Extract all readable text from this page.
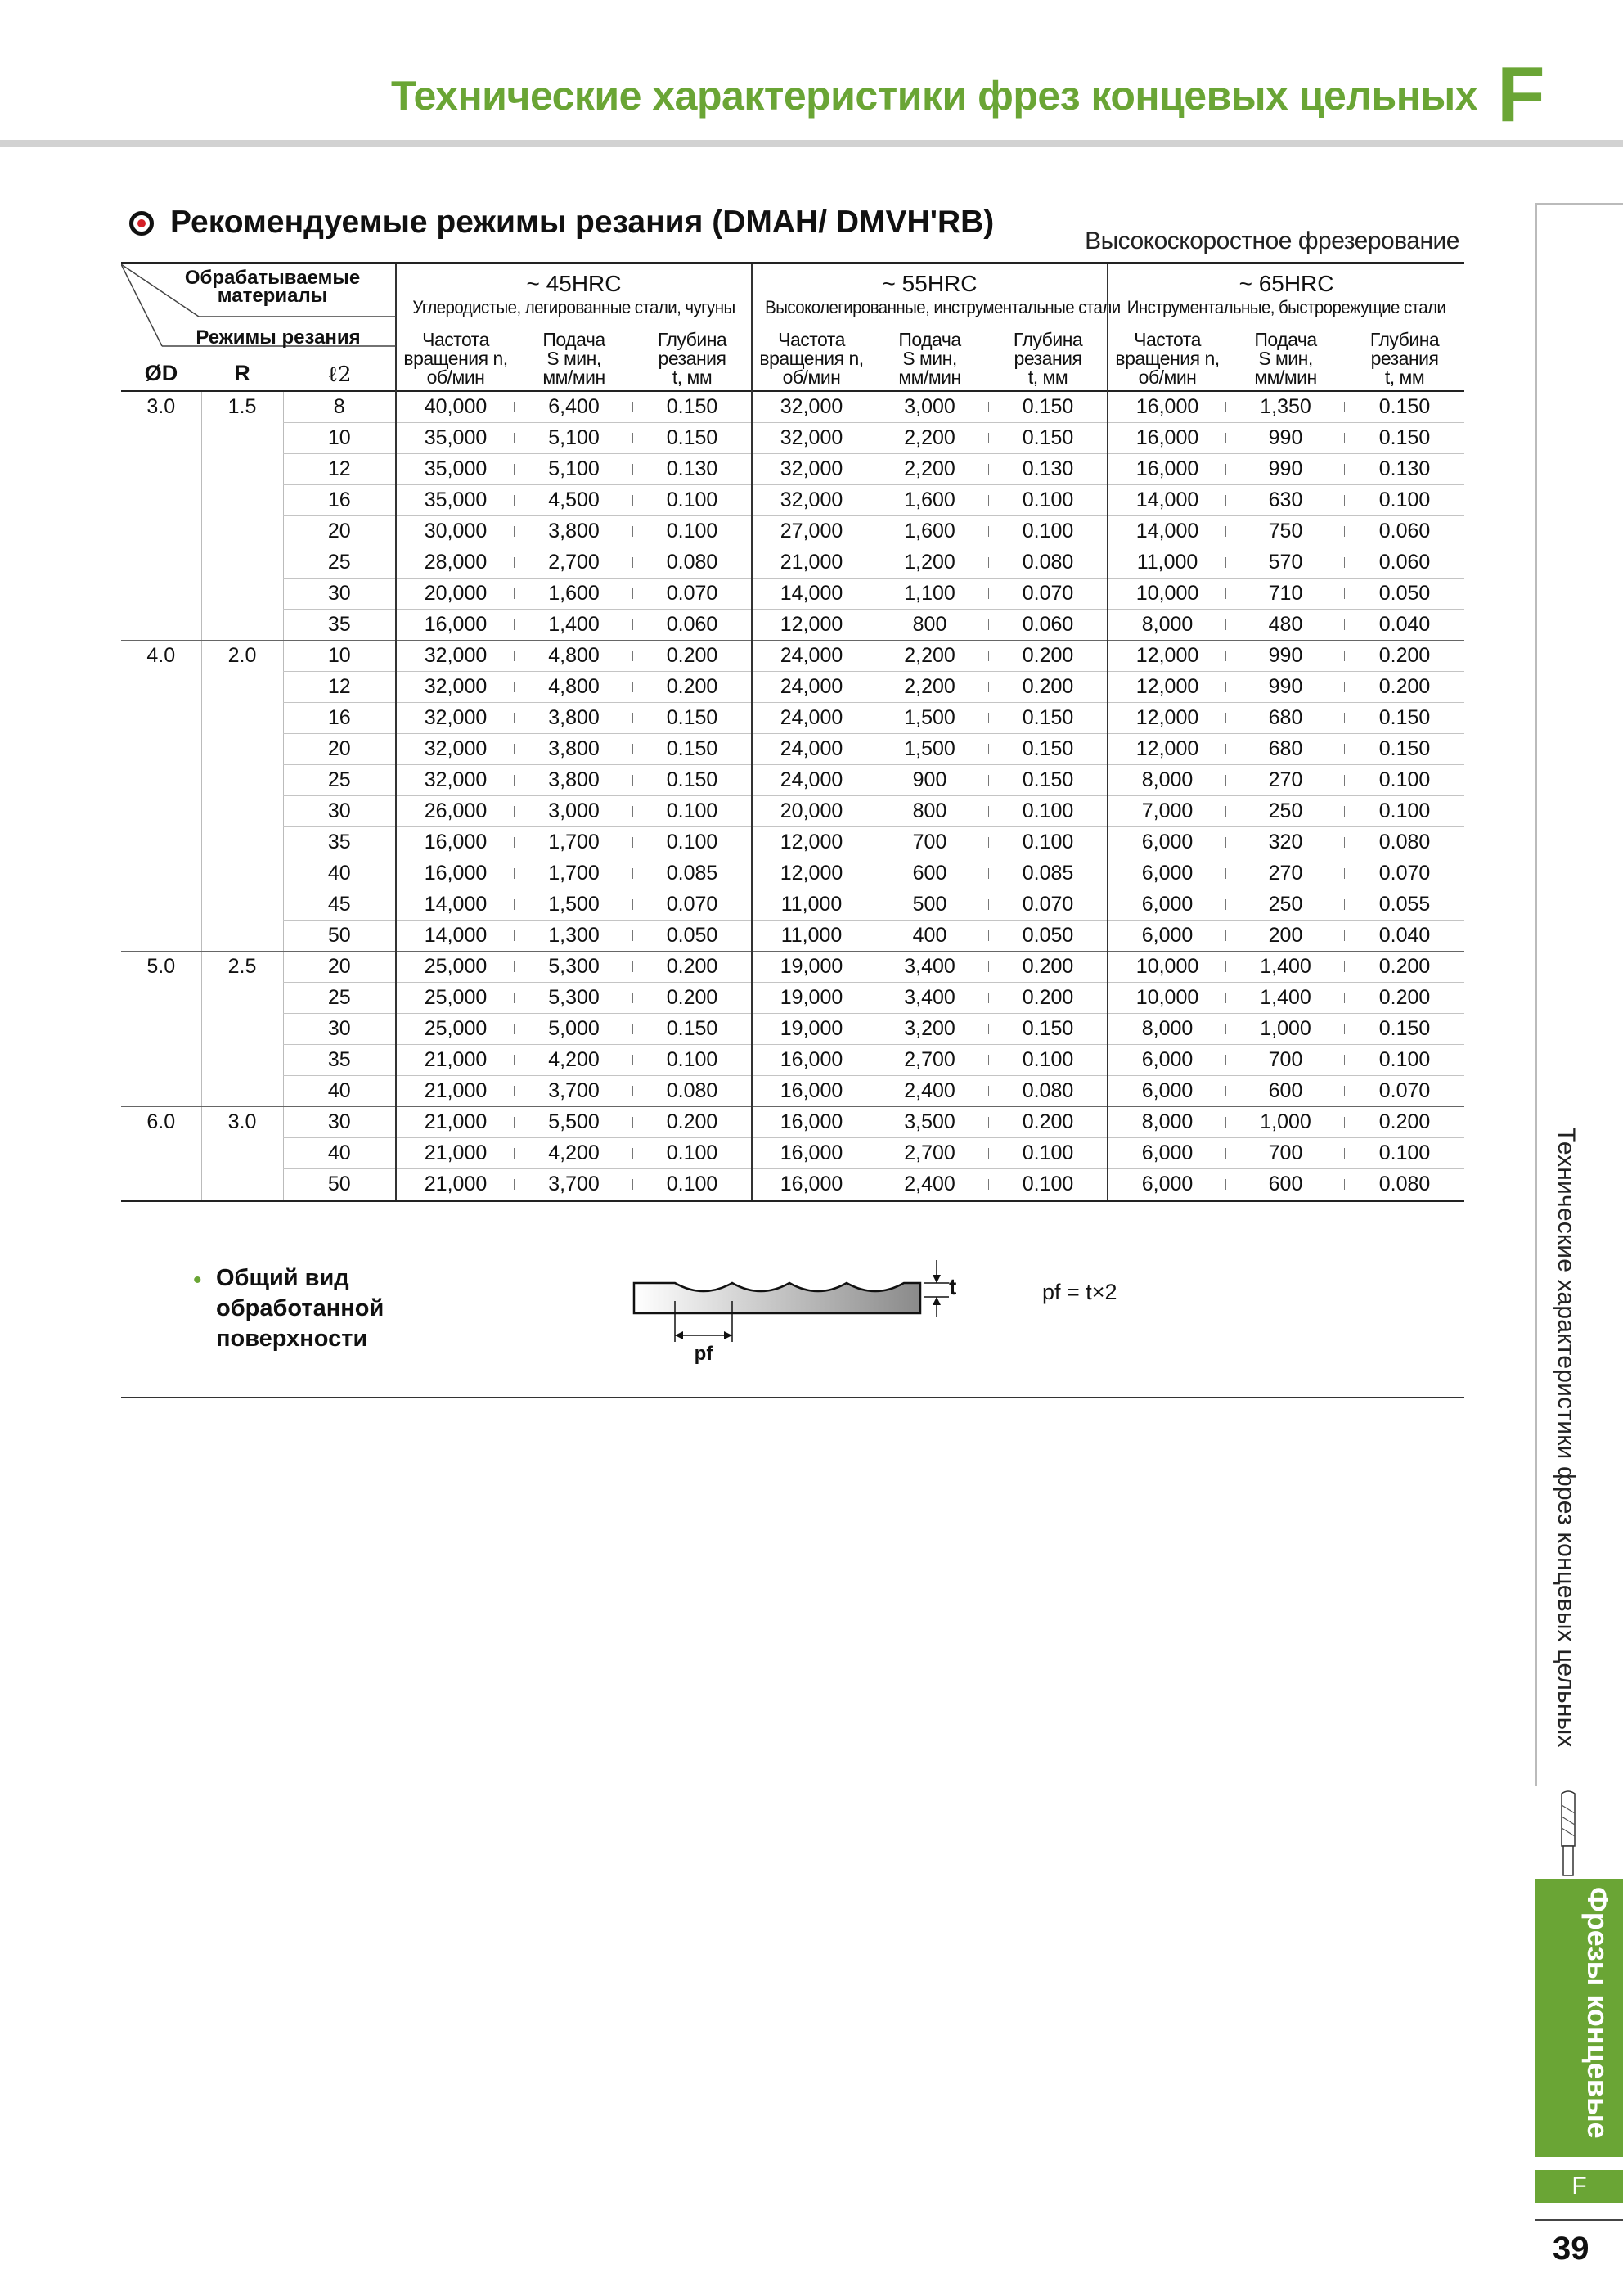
Технические характеристики фрез концевых цельных F
Рекомендуемые режимы резания (DMAH/ DMVH'RB)
Высокоскоростное фрезерование
Обрабатываемые материалы
Режимы резания
ØD R ℓ2			~ 45HRC			~ 55HRC			~ 65HRC		

			Углеродистые, легированные стали, чугуны			Высоколегированные, инструментальные стали			Инструментальные, быстрорежущие стали		

			Частота
вращения n,
об/мин	Подача
S мин,
мм/мин	Глубина
резания
t, мм	Частота
вращения n,
об/мин	Подача
S мин,
мм/мин	Глубина
резания
t, мм	Частота
вращения n,
об/мин	Подача
S мин,
мм/мин	Глубина
резания
t, мм

3.0	1.5	8	40,000	6,400	0.150	32,000	3,000	0.150	16,000	1,350	0.150
		10	35,000	5,100	0.150	32,000	2,200	0.150	16,000	990	0.150
		12	35,000	5,100	0.130	32,000	2,200	0.130	16,000	990	0.130
		16	35,000	4,500	0.100	32,000	1,600	0.100	14,000	630	0.100
		20	30,000	3,800	0.100	27,000	1,600	0.100	14,000	750	0.060
		25	28,000	2,700	0.080	21,000	1,200	0.080	11,000	570	0.060
		30	20,000	1,600	0.070	14,000	1,100	0.070	10,000	710	0.050
		35	16,000	1,400	0.060	12,000	800	0.060	8,000	480	0.040
4.0	2.0	10	32,000	4,800	0.200	24,000	2,200	0.200	12,000	990	0.200
		12	32,000	4,800	0.200	24,000	2,200	0.200	12,000	990	0.200
		16	32,000	3,800	0.150	24,000	1,500	0.150	12,000	680	0.150
		20	32,000	3,800	0.150	24,000	1,500	0.150	12,000	680	0.150
		25	32,000	3,800	0.150	24,000	900	0.150	8,000	270	0.100
		30	26,000	3,000	0.100	20,000	800	0.100	7,000	250	0.100
		35	16,000	1,700	0.100	12,000	700	0.100	6,000	320	0.080
		40	16,000	1,700	0.085	12,000	600	0.085	6,000	270	0.070
		45	14,000	1,500	0.070	11,000	500	0.070	6,000	250	0.055
		50	14,000	1,300	0.050	11,000	400	0.050	6,000	200	0.040
5.0	2.5	20	25,000	5,300	0.200	19,000	3,400	0.200	10,000	1,400	0.200
		25	25,000	5,300	0.200	19,000	3,400	0.200	10,000	1,400	0.200
		30	25,000	5,000	0.150	19,000	3,200	0.150	8,000	1,000	0.150
		35	21,000	4,200	0.100	16,000	2,700	0.100	6,000	700	0.100
		40	21,000	3,700	0.080	16,000	2,400	0.080	6,000	600	0.070
6.0	3.0	30	21,000	5,500	0.200	16,000	3,500	0.200	8,000	1,000	0.200
		40	21,000	4,200	0.100	16,000	2,700	0.100	6,000	700	0.100
		50	21,000	3,700	0.100	16,000	2,400	0.100	6,000	600	0.080
• Общий вид
обработанной
поверхности
t
pf
pf = t×2	Технические характеристики фрез концевых цельных
Фрезы концевые
F
39
